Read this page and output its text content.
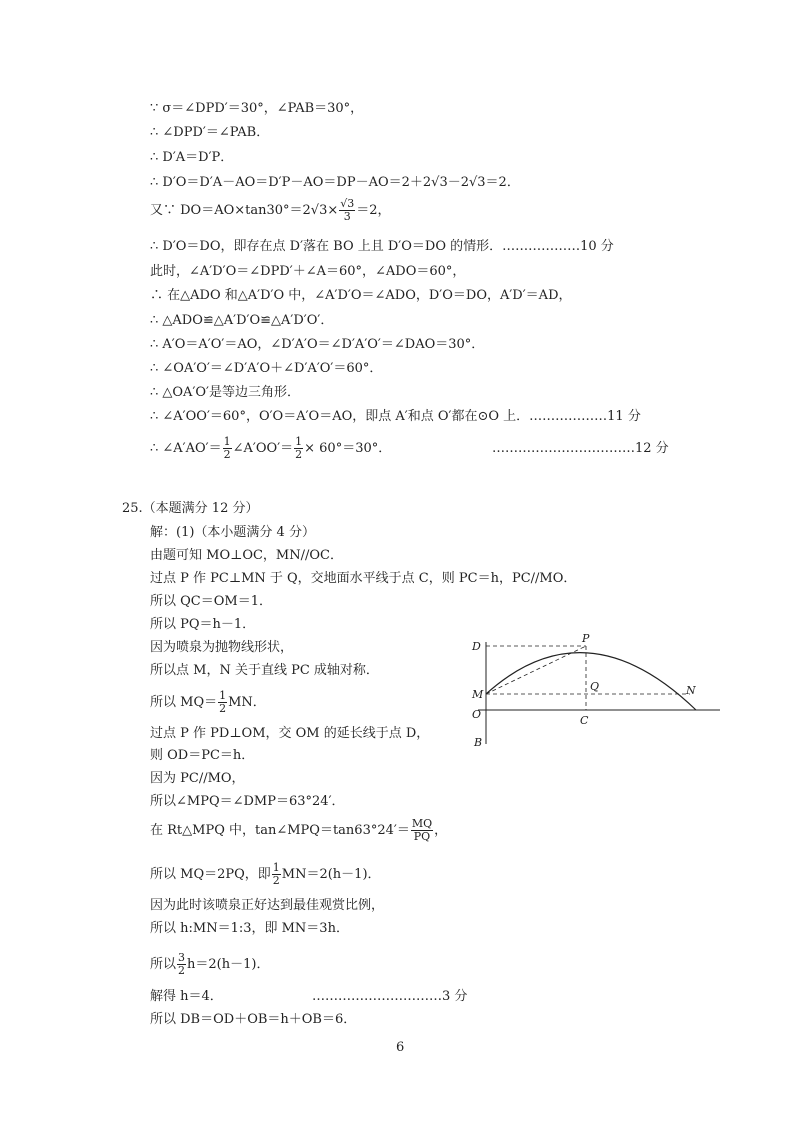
∵ σ＝∠DPD′＝30°，∠PAB＝30°，
∴ ∠DPD′＝∠PAB．
∴ D′A＝D′P．
∴ D′O＝D′A－AO＝D′P－AO＝DP－AO＝2＋2√3－2√3＝2．
又∵ $DO=AO\times\tan 30^\circ=2√3\times \frac{√3}{3} =2$，
∴ D′O＝DO，即存在点 D′落在 BO 上且 D′O＝DO 的情形．………………10 分
此时，∠A′D′O＝∠DPD′＋∠A＝60°，∠ADO＝60°，
∴ 在△ADO 和△A′D′O 中，∠A′D′O＝∠ADO，D′O＝DO，A′D′＝AD，
∴ △ADO≌△A′D′O≌△A′D′O′．
∴ A′O＝A′O′＝AO，∠D′A′O＝∠D′A′O′＝∠DAO＝30°．
∴ ∠OA′O′＝∠D′A′O＋∠D′A′O′＝60°．
∴ △OA′O′是等边三角形．
∴ ∠A′OO′＝60°，O′O＝A′O＝AO，即点 A′和点 O′都在⊙O 上．………………11 分
∴ ∠A′AO′＝ $\frac{1}{2}$ ∠A′OO′＝ $\frac{1}{2} \times 60^\circ=30^\circ$．	……………………………12 分
25.（本题满分 12 分）
解：(1)（本小题满分 4 分）
由题可知 MO⊥OC，MN//OC．
过点 P 作 PC⊥MN 于 Q，交地面水平线于点 C，则 PC＝h，PC//MO．
所以 QC＝OM＝1．
所以 PQ＝h－1．
因为喷泉为抛物线形状，
所以点 M，N 关于直线 PC 成轴对称．
所以 $MQ= \frac{1}{2}$ MN．
过点 P 作 PD⊥OM，交 OM 的延长线于点 D，
则 OD＝PC＝h．
因为 PC//MO，
所以∠MPQ＝∠DMP＝63°24′．
在 Rt△MPQ 中，tan∠MPQ＝tan63°24′＝ $\frac{MQ}{PQ}$ ，
所以 MQ＝2PQ，即 $\frac{1}{2} MN=2(h-1)$．
因为此时该喷泉正好达到最佳观赏比例，
所以 h:MN＝1:3，即 MN＝3h．
所以 $\frac{3}{2} h=2(h-1)$．
解得 h＝4．	…………………………3 分
所以 DB＝OD＋OB＝h＋OB＝6．
D
P
M
Q	N
O	C
B
6
